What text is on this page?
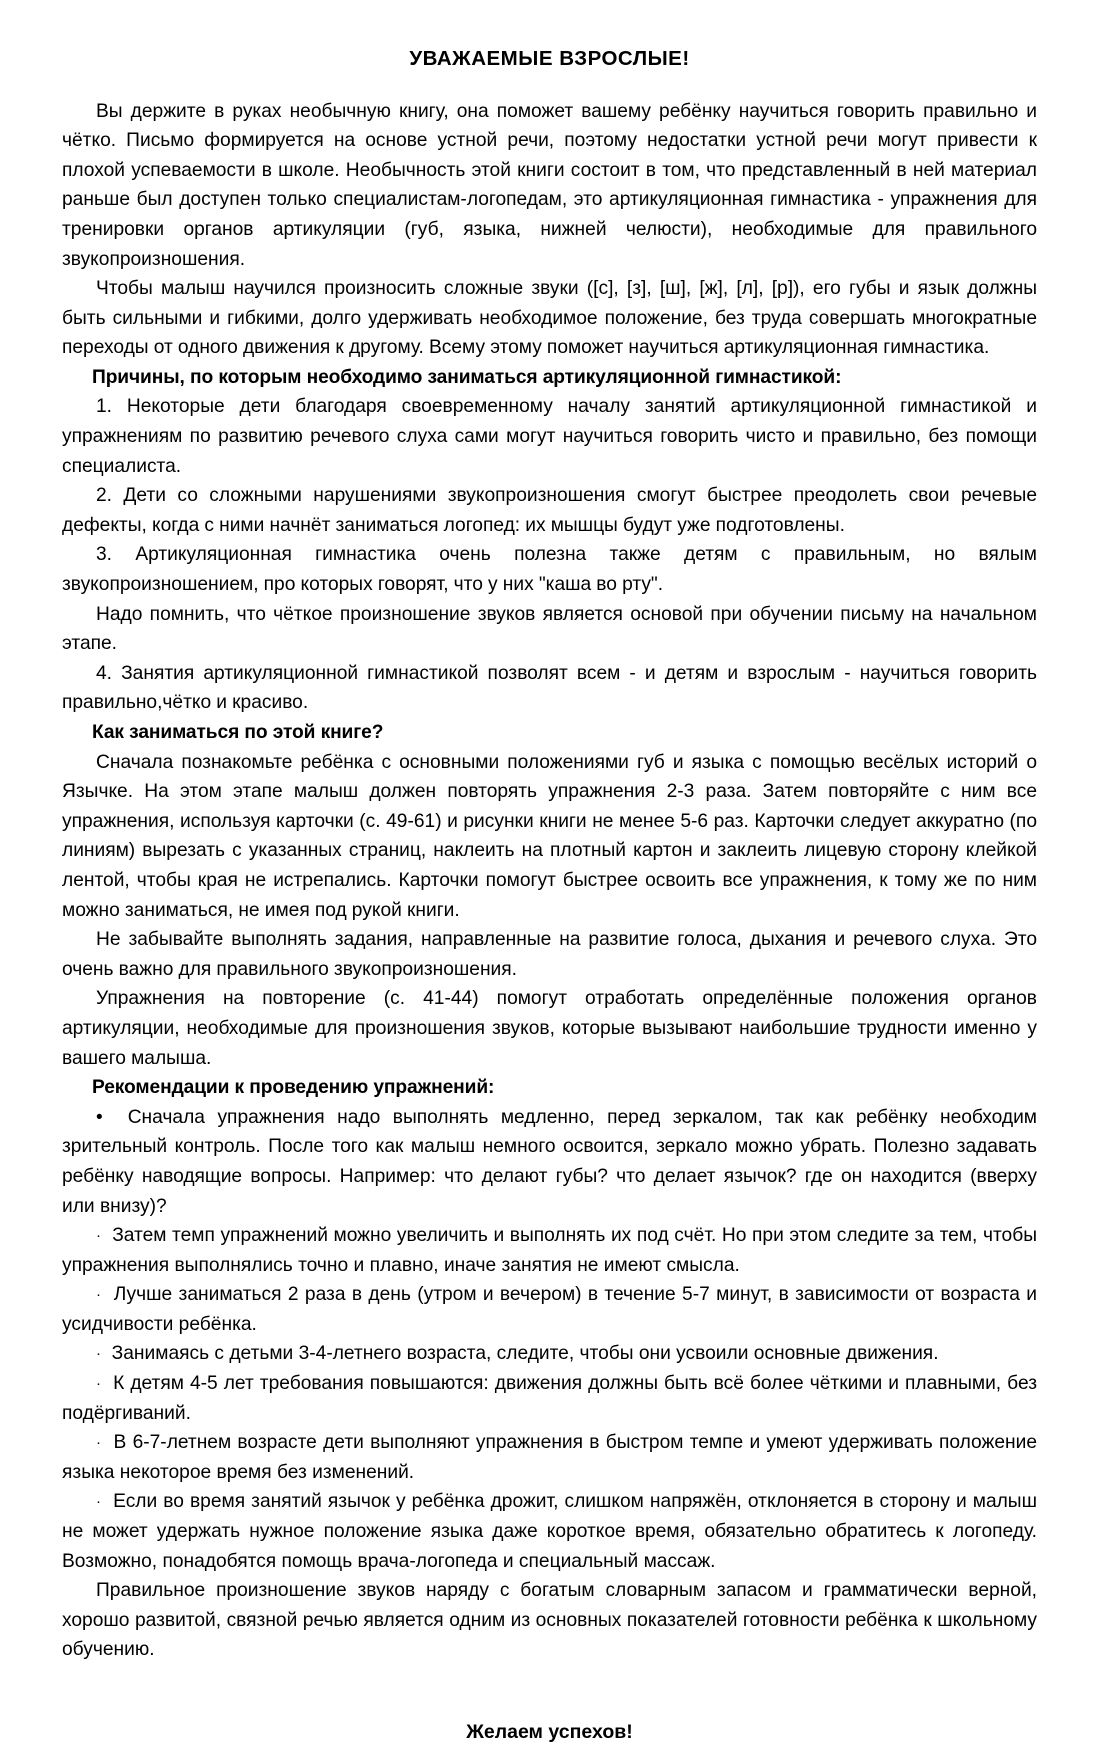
УВАЖАЕМЫЕ ВЗРОСЛЫЕ!

Вы держите в руках необычную книгу, она поможет вашему ребёнку научиться говорить правильно и чётко. Письмо формируется на основе устной речи, поэтому недостатки устной речи могут привести к плохой успеваемости в школе. Необычность этой книги состоит в том, что представленный в ней материал раньше был доступен только специалистам-логопедам, это артикуляционная гимнастика - упражнения для тренировки органов артикуляции (губ, языка, нижней челюсти), необходимые для правильного звукопроизношения.

Чтобы малыш научился произносить сложные звуки ([с], [з], [ш], [ж], [л], [р]), его губы и язык должны быть сильными и гибкими, долго удерживать необходимое положение, без труда совершать многократные переходы от одного движения к другому. Всему этому поможет научиться артикуляционная гимнастика.

Причины, по которым необходимо заниматься артикуляционной гимнастикой:

1. Некоторые дети благодаря своевременному началу занятий артикуляционной гимнастикой и упражнениям по развитию речевого слуха сами могут научиться говорить чисто и правильно, без помощи специалиста.

2. Дети со сложными нарушениями звукопроизношения смогут быстрее преодолеть свои речевые дефекты, когда с ними начнёт заниматься логопед: их мышцы будут уже подготовлены.

3. Артикуляционная гимнастика очень полезна также детям с правильным, но вялым звукопроизношением, про которых говорят, что у них "каша во рту".

Надо помнить, что чёткое произношение звуков является основой при обучении письму на начальном этапе.

4. Занятия артикуляционной гимнастикой позволят всем - и детям и взрослым - научиться говорить правильно,чётко и красиво.

Как заниматься по этой книге?

Сначала познакомьте ребёнка с основными положениями губ и языка с помощью весёлых историй о Язычке. На этом этапе малыш должен повторять упражнения 2-3 раза. Затем повторяйте с ним все упражнения, используя карточки (с. 49-61) и рисунки книги не менее 5-6 раз. Карточки следует аккуратно (по линиям) вырезать с указанных страниц, наклеить на плотный картон и заклеить лицевую сторону клейкой лентой, чтобы края не истрепались. Карточки помогут быстрее освоить все упражнения, к тому же по ним можно заниматься, не имея под рукой книги.

Не забывайте выполнять задания, направленные на развитие голоса, дыхания и речевого слуха. Это очень важно для правильного звукопроизношения.

Упражнения на повторение (с. 41-44) помогут отработать определённые положения органов артикуляции, необходимые для произношения звуков, которые вызывают наибольшие трудности именно у вашего малыша.

Рекомендации к проведению упражнений:

• Сначала упражнения надо выполнять медленно, перед зеркалом, так как ребёнку необходим зрительный контроль. После того как малыш немного освоится, зеркало можно убрать. Полезно задавать ребёнку наводящие вопросы. Например: что делают губы? что делает язычок? где он находится (вверху или внизу)?

· Затем темп упражнений можно увеличить и выполнять их под счёт. Но при этом следите за тем, чтобы упражнения выполнялись точно и плавно, иначе занятия не имеют смысла.

· Лучше заниматься 2 раза в день (утром и вечером) в течение 5-7 минут, в зависимости от возраста и усидчивости ребёнка.

· Занимаясь с детьми 3-4-летнего возраста, следите, чтобы они усвоили основные движения.

· К детям 4-5 лет требования повышаются: движения должны быть всё более чёткими и плавными, без подёргиваний.

· В 6-7-летнем возрасте дети выполняют упражнения в быстром темпе и умеют удерживать положение языка некоторое время без изменений.

· Если во время занятий язычок у ребёнка дрожит, слишком напряжён, отклоняется в сторону и малыш не может удержать нужное положение языка даже короткое время, обязательно обратитесь к логопеду. Возможно, понадобятся помощь врача-логопеда и специальный массаж.

Правильное произношение звуков наряду с богатым словарным запасом и грамматически верной, хорошо развитой, связной речью является одним из основных показателей готовности ребёнка к школьному обучению.

Желаем успехов!
